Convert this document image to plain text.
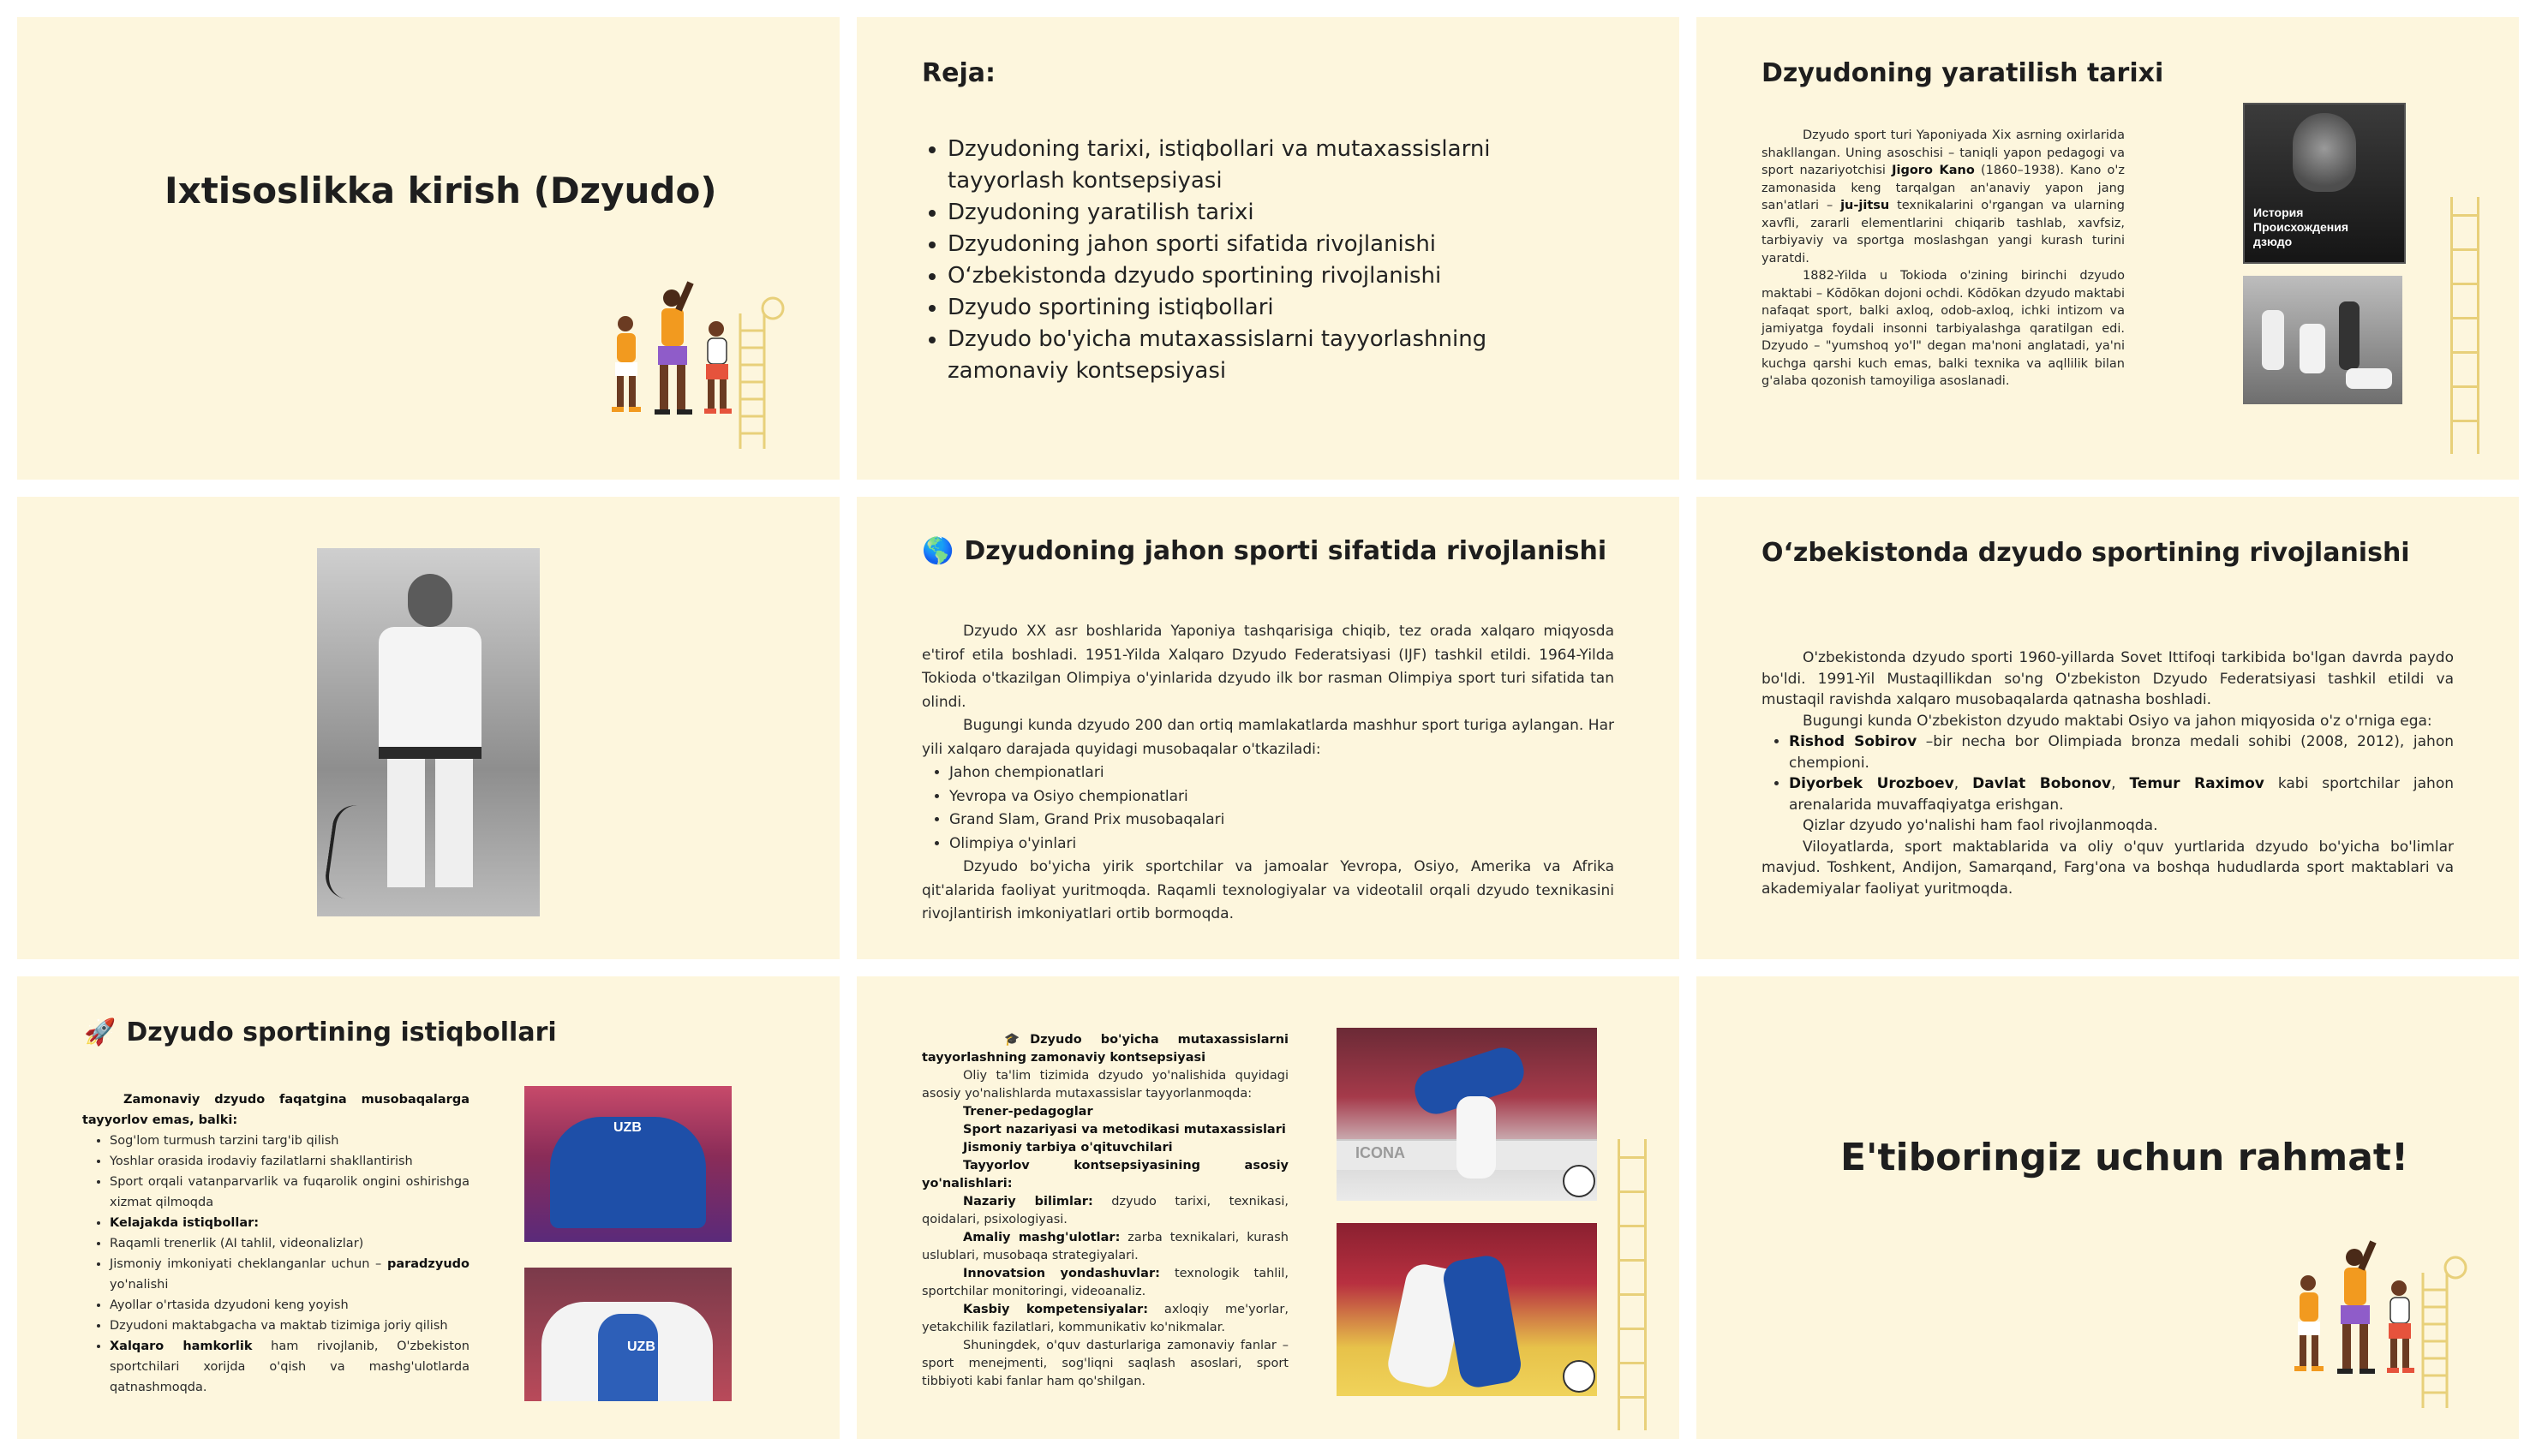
Ixtisoslikka kirish (Dzyudo)
Reja:
• Dzyudoning tarixi, istiqbollari va mutaxassislarni tayyorlash kontsepsiyasi
• Dzyudoning yaratilish tarixi
• Dzyudoning jahon sporti sifatida rivojlanishi
• O‘zbekistonda dzyudo sportining rivojlanishi
• Dzyudo sportining istiqbollari
• Dzyudo bo'yicha mutaxassislarni tayyorlashning zamonaviy kontsepsiyasi
Dzyudoning yaratilish tarixi

Dzyudo sport turi Yaponiyada Xix asrning oxirlarida shakllangan. Uning asoschisi – taniqli yapon pedagogi va sport nazariyotchisi Jigoro Kano (1860–1938). Kano o'z zamonasida keng tarqalgan an'anaviy yapon jang san'atlari – ju-jitsu texnikalarini o'rgangan va ularning xavfli, zararli elementlarini chiqarib tashlab, xavfsiz, tarbiyaviy va sportga moslashgan yangi kurash turini yaratdi.

1882-Yilda u Tokioda o'zining birinchi dzyudo maktabi – Kōdōkan dojoni ochdi. Kōdōkan dzyudo maktabi nafaqat sport, balki axloq, odob-axloq, ichki intizom va jamiyatga foydali insonni tarbiyalashga qaratilgan edi. Dzyudo – "yumshoq yo'l" degan ma'noni anglatadi, ya'ni kuchga qarshi kuch emas, balki texnika va aqllilik bilan g'alaba qozonish tamoyiliga asoslanadi.

История Происхождения дзюдо
🌎 Dzyudoning jahon sporti sifatida rivojlanishi

Dzyudo XX asr boshlarida Yaponiya tashqarisiga chiqib, tez orada xalqaro miqyosda e'tirof etila boshladi. 1951-Yilda Xalqaro Dzyudo Federatsiyasi (IJF) tashkil etildi. 1964-Yilda Tokioda o'tkazilgan Olimpiya o'yinlarida dzyudo ilk bor rasman Olimpiya sport turi sifatida tan olindi.

Bugungi kunda dzyudo 200 dan ortiq mamlakatlarda mashhur sport turiga aylangan. Har yili xalqaro darajada quyidagi musobaqalar o'tkaziladi:

• Jahon chempionatlari
• Yevropa va Osiyo chempionatlari
• Grand Slam, Grand Prix musobaqalari
• Olimpiya o'yinlari

Dzyudo bo'yicha yirik sportchilar va jamoalar Yevropa, Osiyo, Amerika va Afrika qit'alarida faoliyat yuritmoqda. Raqamli texnologiyalar va videotalil orqali dzyudo texnikasini rivojlantirish imkoniyatlari ortib bormoqda.

O‘zbekistonda dzyudo sportining rivojlanishi

O'zbekistonda dzyudo sporti 1960-yillarda Sovet Ittifoqi tarkibida bo'lgan davrda paydo bo'ldi. 1991-Yil Mustaqillikdan so'ng O'zbekiston Dzyudo Federatsiyasi tashkil etildi va mustaqil ravishda xalqaro musobaqalarda qatnasha boshladi.

Bugungi kunda O'zbekiston dzyudo maktabi Osiyo va jahon miqyosida o'z o'rniga ega:

• Rishod Sobirov –bir necha bor Olimpiada bronza medali sohibi (2008, 2012), jahon chempioni.
• Diyorbek Urozboev, Davlat Bobonov, Temur Raximov kabi sportchilar jahon arenalarida muvaffaqiyatga erishgan.

Qizlar dzyudo yo'nalishi ham faol rivojlanmoqda.

Viloyatlarda, sport maktablarida va oliy o'quv yurtlarida dzyudo bo'yicha bo'limlar mavjud. Toshkent, Andijon, Samarqand, Farg'ona va boshqa hududlarda sport maktablari va akademiyalar faoliyat yuritmoqda.

🚀 Dzyudo sportining istiqbollari

Zamonaviy dzyudo faqatgina musobaqalarga tayyorlov emas, balki:

• Sog'lom turmush tarzini targ'ib qilish
• Yoshlar orasida irodaviy fazilatlarni shakllantirish
• Sport orqali vatanparvarlik va fuqarolik ongini oshirishga xizmat qilmoqda
• Kelajakda istiqbollar:
• Raqamli trenerlik (AI tahlil, videonalizlar)
• Jismoniy imkoniyati cheklanganlar uchun – paradzyudo yo'nalishi
• Ayollar o'rtasida dzyudoni keng yoyish
• Dzyudoni maktabgacha va maktab tizimiga joriy qilish
• Xalqaro hamkorlik ham rivojlanib, O'zbekiston sportchilari xorijda o'qish va mashg'ulotlarda qatnashmoqda.
UZB
UZB

🎓 Dzyudo bo'yicha mutaxassislarni tayyorlashning zamonaviy kontsepsiyasi

Oliy ta'lim tizimida dzyudo yo'nalishida quyidagi asosiy yo'nalishlarda mutaxassislar tayyorlanmoqda:

Trener-pedagoglar

Sport nazariyasi va metodikasi mutaxassislari

Jismoniy tarbiya o'qituvchilari

Tayyorlov kontsepsiyasining asosiy yo'nalishlari:

Nazariy bilimlar: dzyudo tarixi, texnikasi, qoidalari, psixologiyasi.

Amaliy mashg'ulotlar: zarba texnikalari, kurash uslublari, musobaqa strategiyalari.

Innovatsion yondashuvlar: texnologik tahlil, sportchilar monitoringi, videoanaliz.

Kasbiy kompetensiyalar: axloqiy me'yorlar, yetakchilik fazilatlari, kommunikativ ko'nikmalar.

Shuningdek, o'quv dasturlariga zamonaviy fanlar – sport menejmenti, sog'liqni saqlash asoslari, sport tibbiyoti kabi fanlar ham qo'shilgan.

ICONA	E'tiboringiz uchun rahmat!
